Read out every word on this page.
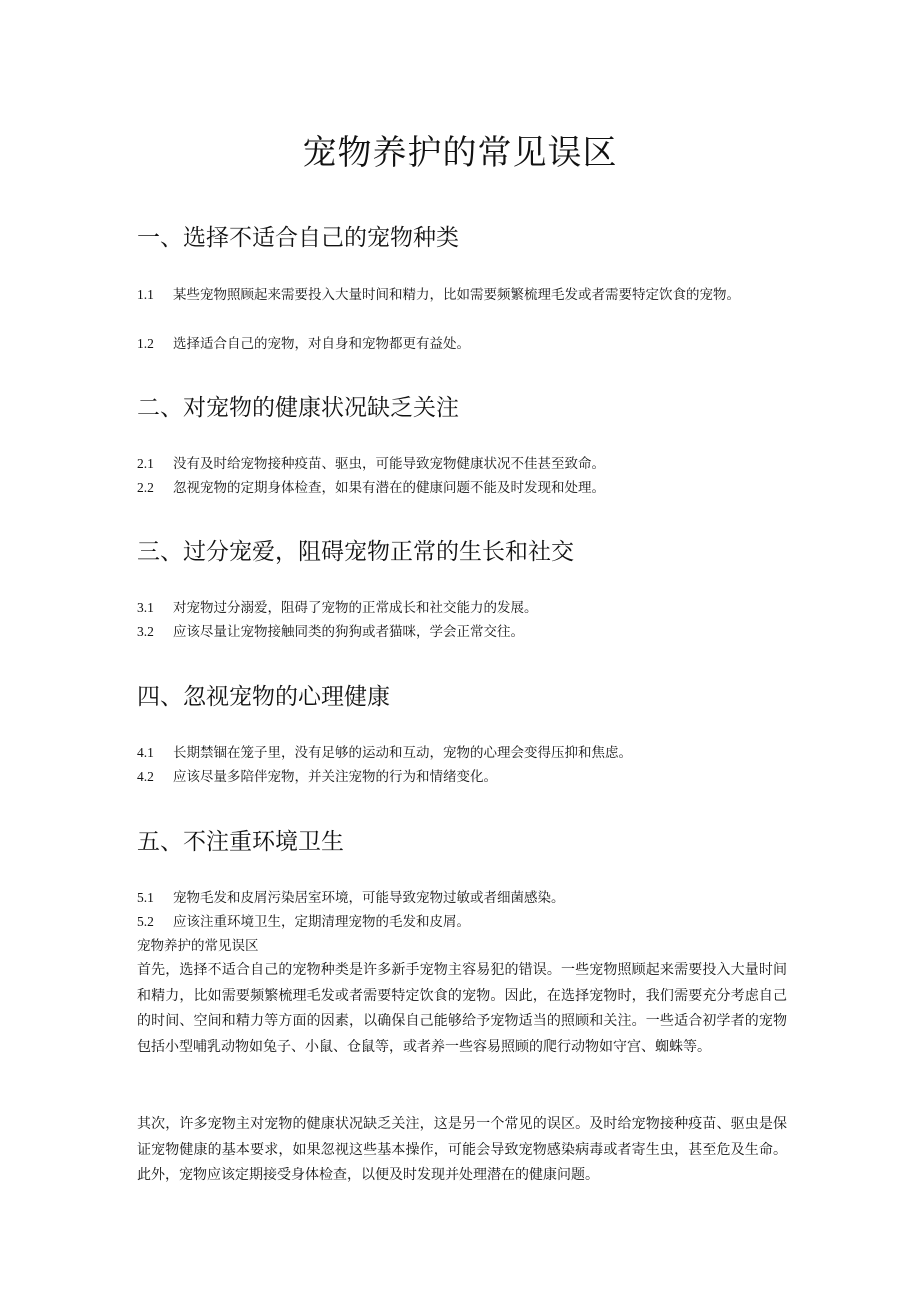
宠物养护的常见误区
一、选择不适合自己的宠物种类

1.1 某些宠物照顾起来需要投入大量时间和精力，比如需要频繁梳理毛发或者需要特定饮食的宠物。

1.2 选择适合自己的宠物，对自身和宠物都更有益处。

二、对宠物的健康状况缺乏关注

2.1 没有及时给宠物接种疫苗、驱虫，可能导致宠物健康状况不佳甚至致命。

2.2 忽视宠物的定期身体检查，如果有潜在的健康问题不能及时发现和处理。

三、过分宠爱，阻碍宠物正常的生长和社交

3.1 对宠物过分溺爱，阻碍了宠物的正常成长和社交能力的发展。

3.2 应该尽量让宠物接触同类的狗狗或者猫咪，学会正常交往。

四、忽视宠物的心理健康

4.1 长期禁锢在笼子里，没有足够的运动和互动，宠物的心理会变得压抑和焦虑。

4.2 应该尽量多陪伴宠物，并关注宠物的行为和情绪变化。

五、不注重环境卫生

5.1 宠物毛发和皮屑污染居室环境，可能导致宠物过敏或者细菌感染。

5.2 应该注重环境卫生，定期清理宠物的毛发和皮屑。

宠物养护的常见误区

首先，选择不适合自己的宠物种类是许多新手宠物主容易犯的错误。一些宠物照顾起来需要投入大量时间和精力，比如需要频繁梳理毛发或者需要特定饮食的宠物。因此，在选择宠物时，我们需要充分考虑自己的时间、空间和精力等方面的因素，以确保自己能够给予宠物适当的照顾和关注。一些适合初学者的宠物包括小型哺乳动物如兔子、小鼠、仓鼠等，或者养一些容易照顾的爬行动物如守宫、蜘蛛等。

其次，许多宠物主对宠物的健康状况缺乏关注，这是另一个常见的误区。及时给宠物接种疫苗、驱虫是保证宠物健康的基本要求，如果忽视这些基本操作，可能会导致宠物感染病毒或者寄生虫，甚至危及生命。此外，宠物应该定期接受身体检查，以便及时发现并处理潜在的健康问题。
